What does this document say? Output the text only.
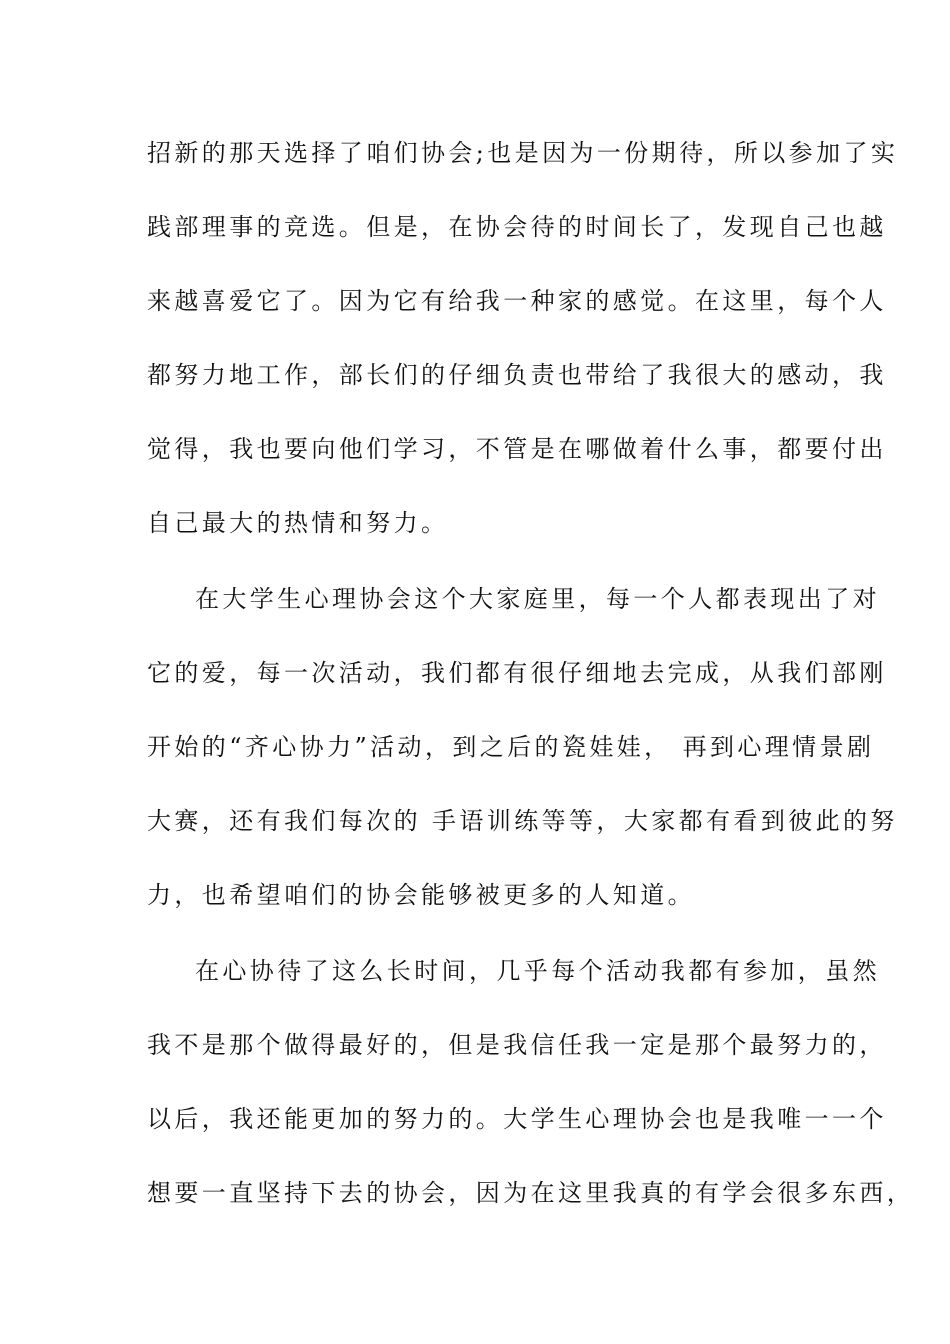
招新的那天选择了咱们协会;也是因为一份期待，所以参加了实
践部理事的竞选。但是，在协会待的时间长了，发现自己也越
来越喜爱它了。因为它有给我一种家的感觉。在这里，每个人
都努力地工作，部长们的仔细负责也带给了我很大的感动，我
觉得，我也要向他们学习，不管是在哪做着什么事，都要付出
自己最大的热情和努力。
在大学生心理协会这个大家庭里，每一个人都表现出了对
它的爱，每一次活动，我们都有很仔细地去完成，从我们部刚
开始的“齐心协力”活动，到之后的瓷娃娃， 再到心理情景剧
大赛，还有我们每次的 手语训练等等，大家都有看到彼此的努
力，也希望咱们的协会能够被更多的人知道。
在心协待了这么长时间，几乎每个活动我都有参加，虽然
我不是那个做得最好的，但是我信任我一定是那个最努力的，
以后，我还能更加的努力的。大学生心理协会也是我唯一一个
想要一直坚持下去的协会，因为在这里我真的有学会很多东西，
